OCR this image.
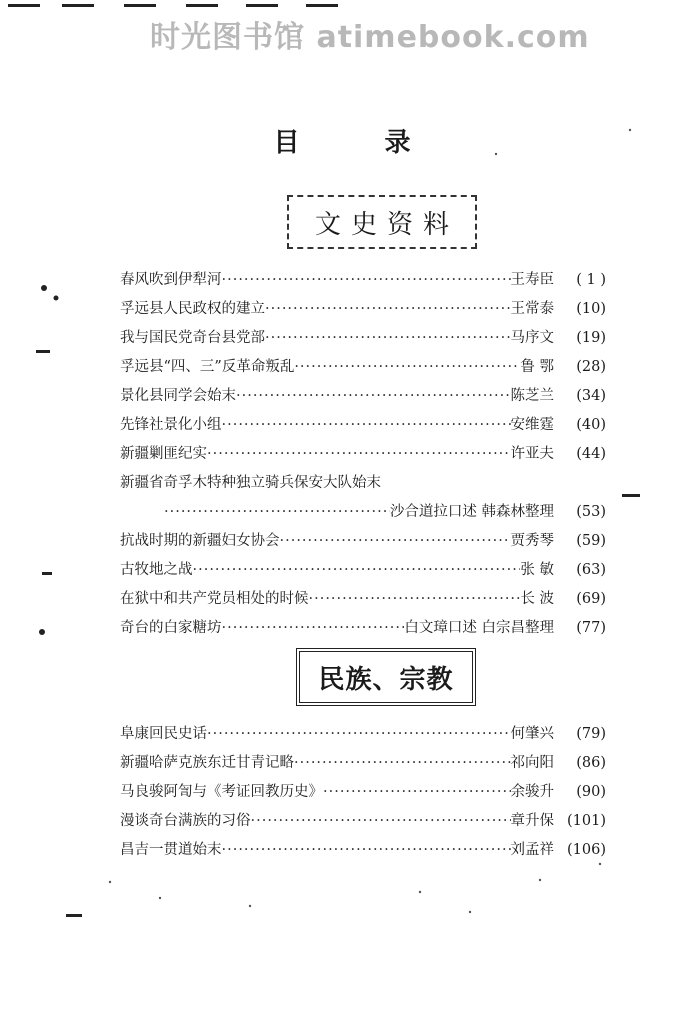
时光图书馆 atimebook.com
目 录
文史资料
春风吹到伊犁河 ·····	王寿臣	( 1 )
孚远县人民政权的建立 ·····	王常泰	(10)
我与国民党奇台县党部 ·····	马序文	(19)
孚远县“四、三”反革命叛乱 ·····	鲁 鄂	(28)
景化县同学会始末 ·····	陈芝兰	(34)
先锋社景化小组 ·····	安维霆	(40)
新疆剿匪纪实 ·····	许亚夫	(44)
新疆省奇孚木特种独立骑兵保安大队始末
·····
沙合道拉口述 韩森林整理	(53)
抗战时期的新疆妇女协会 ·····	贾秀琴	(59)
古牧地之战 ·····	张 敏	(63)
在狱中和共产党员相处的时候 ·····	长 波	(69)
奇台的白家糖坊 ·····	白文璋口述 白宗昌整理	(77)
民族、宗教
阜康回民史话 ·····	何肇兴	(79)
新疆哈萨克族东迁甘青记略 ·····	祁向阳	(86)
马良骏阿訇与《考证回教历史》 ·····	余骏升	(90)
漫谈奇台满族的习俗 ·····	章升保 (101)
昌吉一贯道始末 ·····	刘孟祥 (106)
